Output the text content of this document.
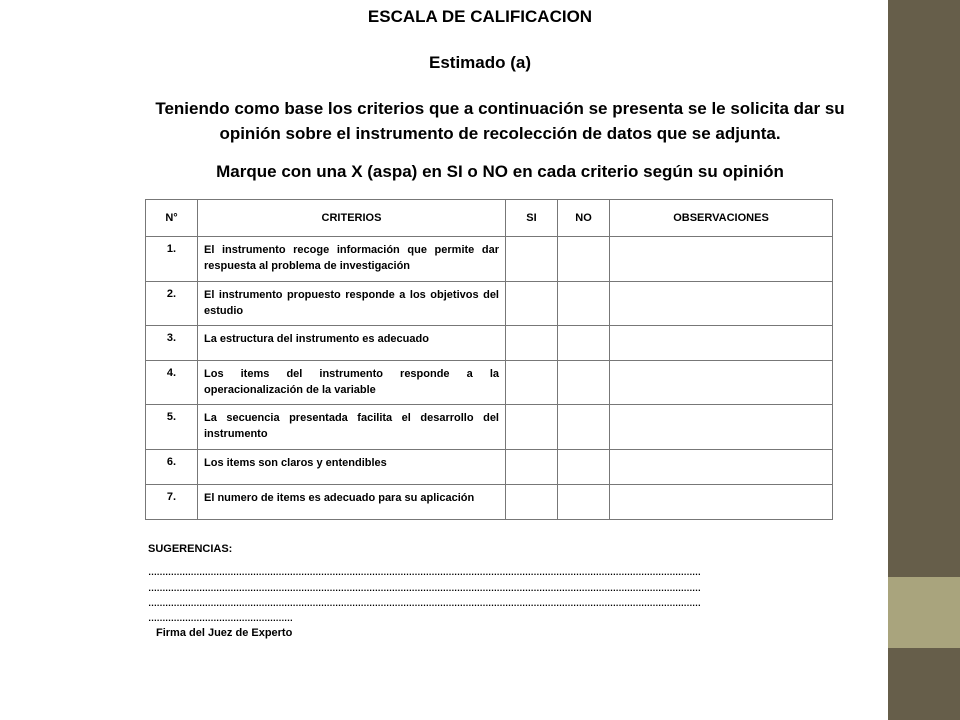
ESCALA DE CALIFICACION
Estimado (a)
Teniendo como base los criterios que a continuación se presenta se le solicita dar su opinión sobre el instrumento de recolección de datos que se adjunta.
Marque con una X (aspa) en SI o NO en cada criterio según su opinión
N°	CRITERIOS	SI	NO	OBSERVACIONES
1.	El instrumento recoge información que permite dar respuesta al problema de investigación			
2.	El instrumento propuesto responde a los objetivos del estudio			
3.	La estructura del instrumento es adecuado			
4.	Los items del instrumento responde a la operacionalización de la variable			
5.	La secuencia presentada facilita el desarrollo del instrumento			
6.	Los items son claros y entendibles			
7.	El numero de items es adecuado para su aplicación			
SUGERENCIAS:
……………………………………………………………………………………………………………………………………………………………………………
……………………………………………………………………………………………………………………………………………………………………………
……………………………………………………………………………………………………………………………………………………………………………
……………………………………………
Firma del Juez de Experto
